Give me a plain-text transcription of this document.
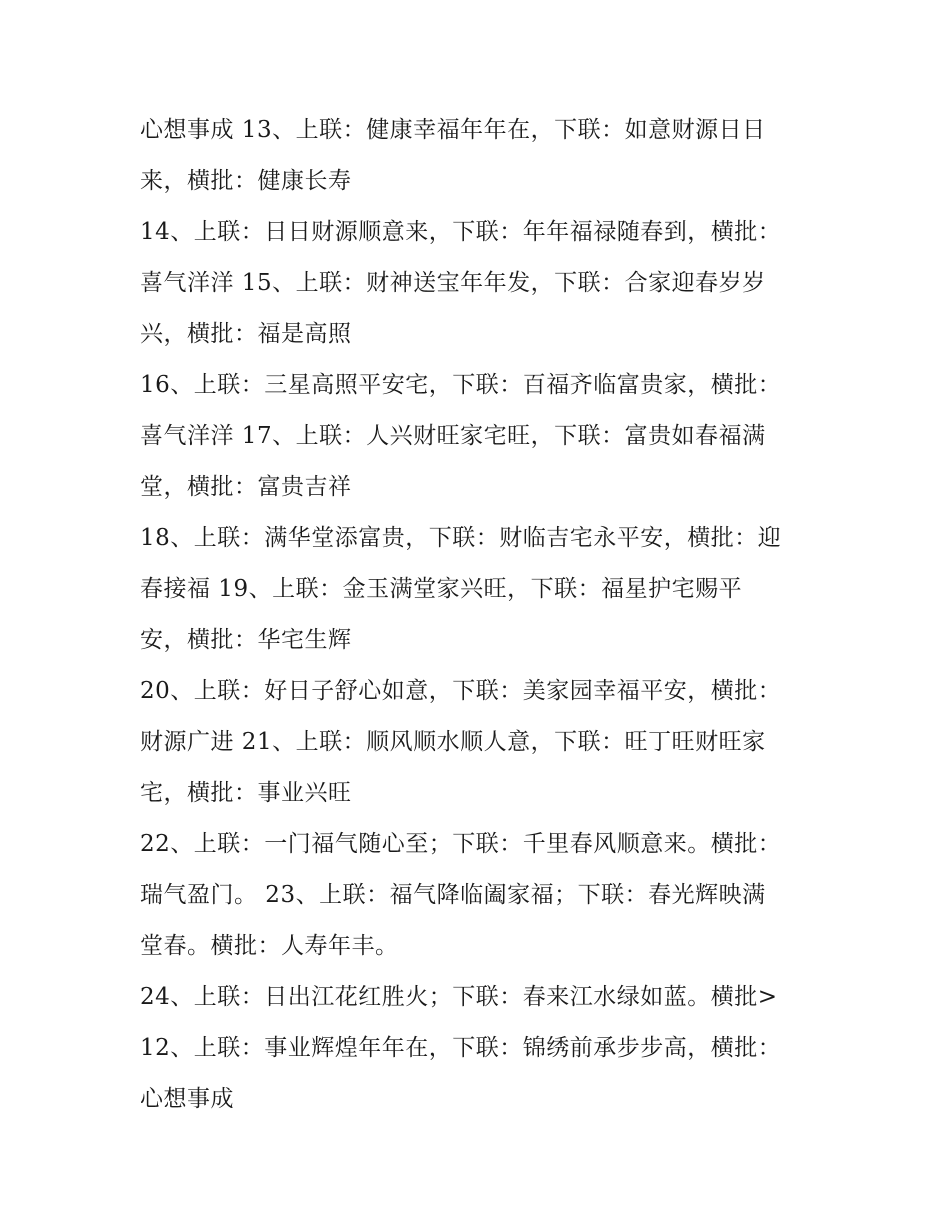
心想事成 13、上联：健康幸福年年在，下联：如意财源日日
来，横批：健康长寿
14、上联：日日财源顺意来，下联：年年福禄随春到，横批：
喜气洋洋 15、上联：财神送宝年年发，下联：合家迎春岁岁
兴，横批：福是高照
16、上联：三星高照平安宅，下联：百福齐临富贵家，横批：
喜气洋洋 17、上联：人兴财旺家宅旺，下联：富贵如春福满
堂，横批：富贵吉祥
18、上联：满华堂添富贵，下联：财临吉宅永平安，横批：迎
春接福 19、上联：金玉满堂家兴旺，下联：福星护宅赐平
安，横批：华宅生辉
20、上联：好日子舒心如意，下联：美家园幸福平安，横批：
财源广进 21、上联：顺风顺水顺人意，下联：旺丁旺财旺家
宅，横批：事业兴旺
22、上联：一门福气随心至；下联：千里春风顺意来。横批：
瑞气盈门。 23、上联：福气降临阖家福；下联：春光辉映满
堂春。横批：人寿年丰。
24、上联：日出江花红胜火；下联：春来江水绿如蓝。横批>
12、上联：事业辉煌年年在，下联：锦绣前承步步高，横批：
心想事成
